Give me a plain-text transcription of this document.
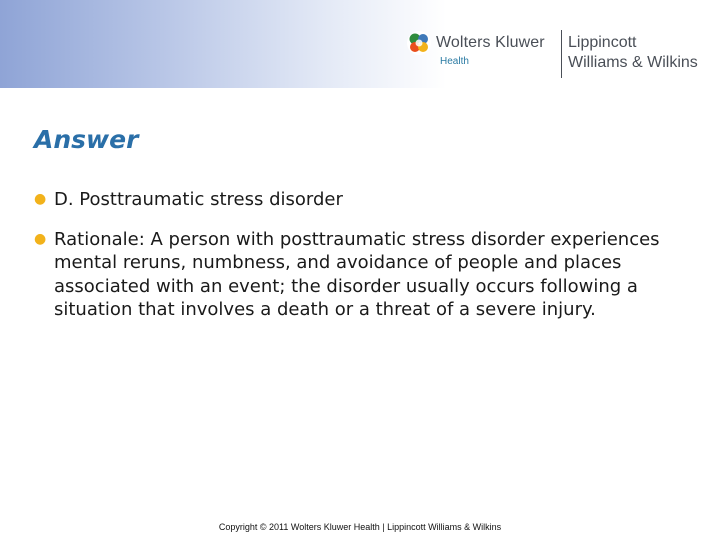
Wolters Kluwer
Health
Lippincott
Williams & Wilkins
Answer
● D. Posttraumatic stress disorder
● Rationale: A person with posttraumatic stress disorder experiences mental reruns, numbness, and avoidance of people and places associated with an event; the disorder usually occurs following a situation that involves a death or a threat of a severe injury.
Copyright © 2011 Wolters Kluwer Health | Lippincott Williams & Wilkins
